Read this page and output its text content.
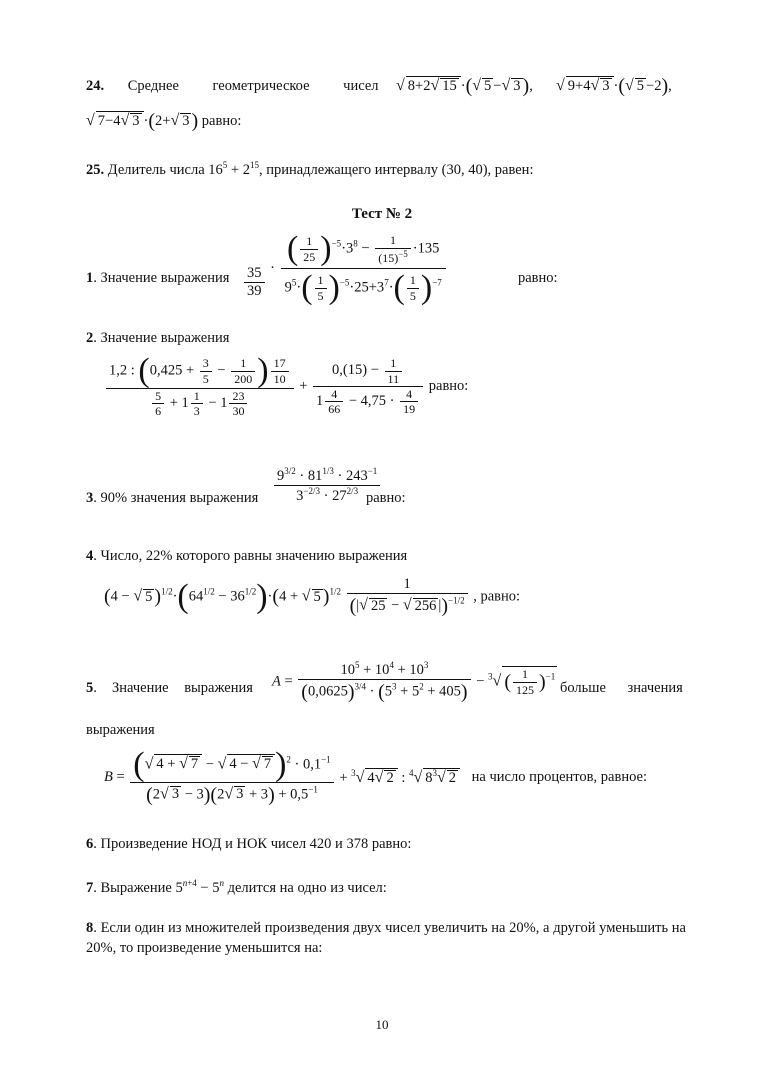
24. Среднее геометрическое чисел √ 8+2√ 15 ·(√ 5 −√ 3 ), √ 9+4√ 3 ·(√ 5 −2),
√ 7−4√ 3 ·(2+√ 3 ) равно:
25. Делитель числа $16^5 + 2^{15}$, принадлежащего интервалу (30, 40), равен:
Тест № 2
1. Значение выражения $\frac{35}{39} \cdot \frac{( \frac{1}{25} )^{-5}\cdot 3^8 - \frac{1}{(15)^{-5}} \cdot 135}{9^5\cdot( \frac{1}{5} )^{-5}\cdot 25+3^7\cdot( \frac{1}{5} )^{-7}}$	равно:
2. Значение выражения
$\frac{1,2 : (0,425 + \frac{3}{5} - \frac{1}{200} ) \frac{17}{10}}{\frac{5}{6} + 1 \frac{1}{3} - 1 \frac{23}{30}} + \frac{0,(15) - \frac{1}{11}}{1 \frac{4}{66} - 4,75 \cdot \frac{4}{19}}$ равно:
3. 90% значения выражения $\frac{9^{3/2} \cdot 81^{1/3} \cdot 243^{-1}}{3^{-2/3} \cdot 27^{2/3}}$
равно:
4. Число, 22% которого равны значению выражения
(4 − √ 5 )$^{1/2}\cdot(64^{1/2} - 36^{1/2})\cdot(4$ + √ 5 )$^{1/2} \frac{1}{(|√ 25 - √ 256 |)^{-1/2}}$ , равно:
5. Значение выражения $A = \frac{10^5 + 10^4 + 10^3}{(0,0625)^{3/4} \cdot (5^3 + 5^2 + 405)} - ^3√$ ( $\frac{1}{125} )^{-1}$
больше значения
выражения
$B = \frac{(√ 4 + √ 7 - √ 4 - √ 7 )^2 \cdot 0,1^{-1}}{(2√ 3 - 3)(2√ 3 + 3) + 0,5^{-1}} + ^3√$ 4√ 2 : $^4$√ $8^3√$ 2 на число процентов, равное:
6. Произведение НОД и НОК чисел 420 и 378 равно:
7. Выражение $5^{n+4} - 5^n$ делится на одно из чисел:
8. Если один из множителей произведения двух чисел увеличить на 20%, а другой уменьшить на 20%, то произведение уменьшится на:
10
